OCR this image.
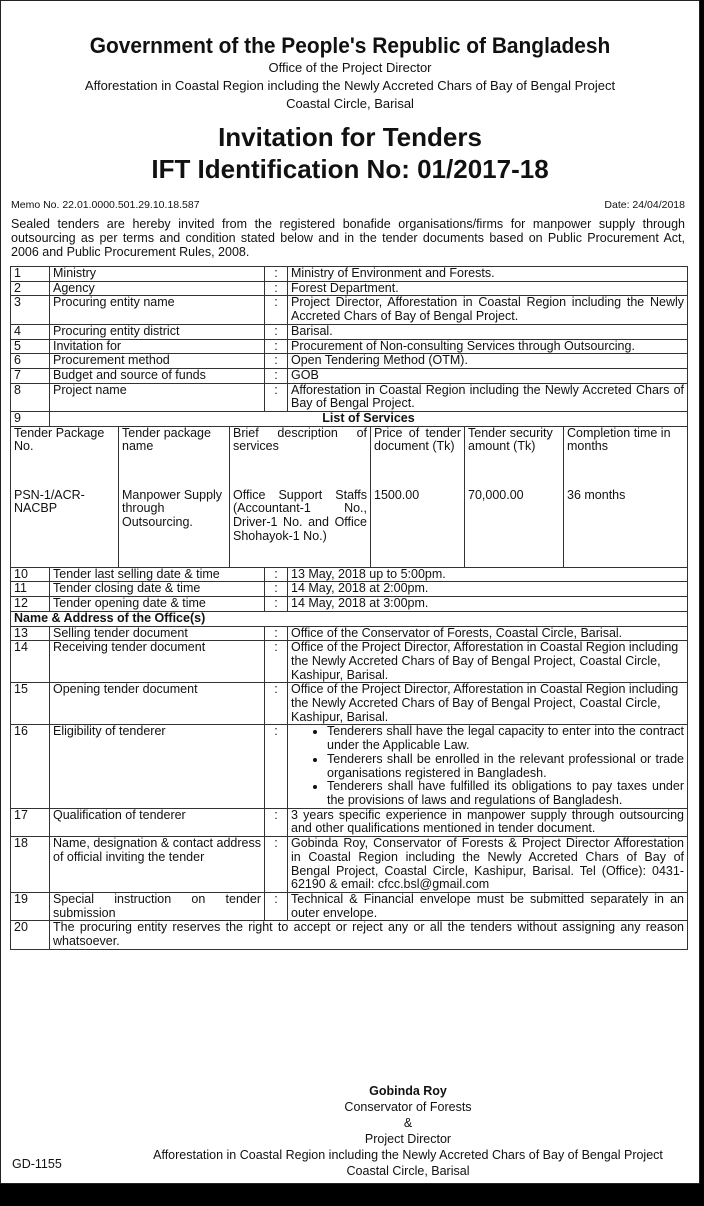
Government of the People's Republic of Bangladesh
Office of the Project Director
Afforestation in Coastal Region including the Newly Accreted Chars of Bay of Bengal Project
Coastal Circle, Barisal
Invitation for Tenders
IFT Identification No: 01/2017-18
Memo No. 22.01.0000.501.29.10.18.587	Date: 24/04/2018
Sealed tenders are hereby invited from the registered bonafide organisations/firms for manpower supply through outsourcing as per terms and condition stated below and in the tender documents based on Public Procurement Act, 2006 and Public Procurement Rules, 2008.
1	Ministry	:	Ministry of Environment and Forests.
2	Agency	:	Forest Department.
3	Procuring entity name	:	Project Director, Afforestation in Coastal Region including the Newly Accreted Chars of Bay of Bengal Project.
4	Procuring entity district	:	Barisal.
5	Invitation for	:	Procurement of Non-consulting Services through Outsourcing.
6	Procurement method	:	Open Tendering Method (OTM).
7	Budget and source of funds	:	GOB
8	Project name	:	Afforestation in Coastal Region including the Newly Accreted Chars of Bay of Bengal Project.
9	List of Services

Tender Package No.	Tender package name	Brief description of services	Price of tender document (Tk)	Tender security amount (Tk)	Completion time in months
PSN-1/ACR-NACBP	Manpower Supply through Outsourcing.	Office Support Staffs (Accountant-1 No., Driver-1 No. and Office Shohayok-1 No.)	1500.00	70,000.00	36 months

10	Tender last selling date & time	:	13 May, 2018 up to 5:00pm.
11	Tender closing date & time	:	14 May, 2018 at 2:00pm.
12	Tender opening date & time	:	14 May, 2018 at 3:00pm.
Name & Address of the Office(s)
13	Selling tender document	:	Office of the Conservator of Forests, Coastal Circle, Barisal.
14	Receiving tender document	:	Office of the Project Director, Afforestation in Coastal Region including the Newly Accreted Chars of Bay of Bengal Project, Coastal Circle, Kashipur, Barisal.
15	Opening tender document	:	Office of the Project Director, Afforestation in Coastal Region including the Newly Accreted Chars of Bay of Bengal Project, Coastal Circle, Kashipur, Barisal.
16	Eligibility of tenderer	:	
•Tenderers shall have the legal capacity to enter into the contract under the Applicable Law.
• Tenderers shall be enrolled in the relevant professional or trade organisations registered in Bangladesh.
• Tenderers shall have fulfilled its obligations to pay taxes under the provisions of laws and regulations of Bangladesh.

17	Qualification of tenderer	:	3 years specific experience in manpower supply through outsourcing and other qualifications mentioned in tender document.
18	Name, designation & contact address of official inviting the tender	:	Gobinda Roy, Conservator of Forests & Project Director Afforestation in Coastal Region including the Newly Accreted Chars of Bay of Bengal Project, Coastal Circle, Kashipur, Barisal. Tel (Office): 0431-62190 & email: cfcc.bsl@gmail.com
19	Special instruction on tender submission	:	Technical & Financial envelope must be submitted separately in an outer envelope.
20	The procuring entity reserves the right to accept or reject any or all the tenders without assigning any reason whatsoever.
Gobinda Roy
Conservator of Forests
&
Project Director
Afforestation in Coastal Region including the Newly Accreted Chars of Bay of Bengal Project
Coastal Circle, Barisal
GD-1155
